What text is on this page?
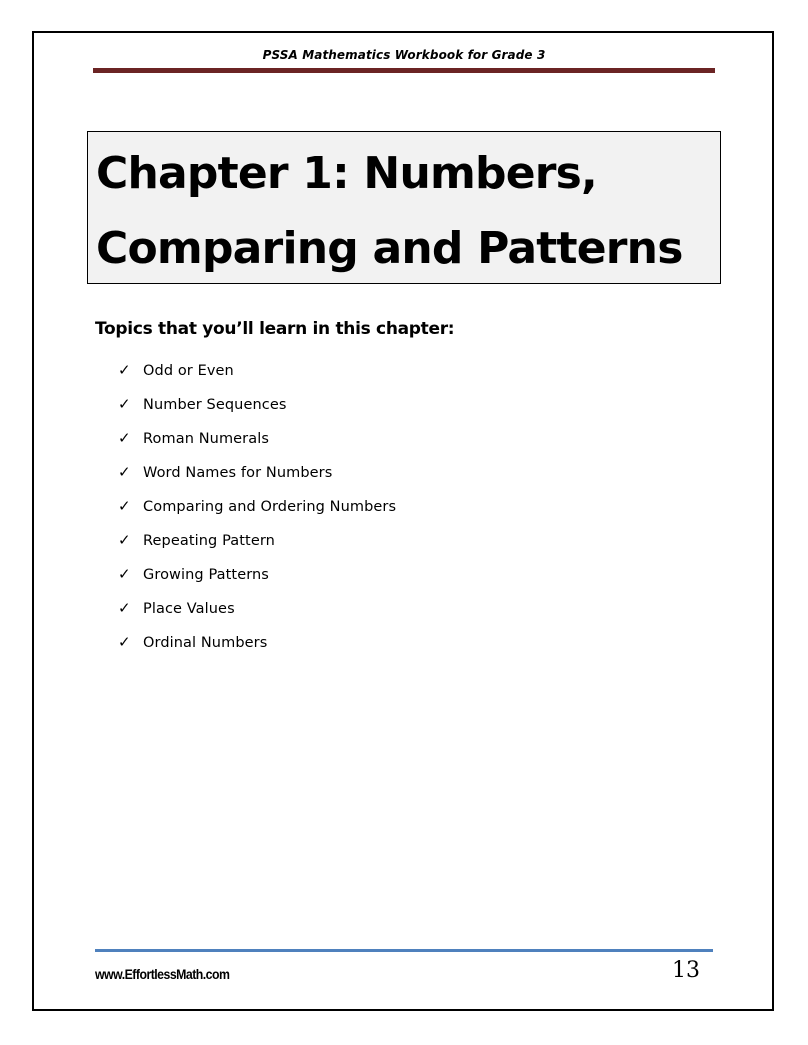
PSSA Mathematics Workbook for Grade 3
Chapter 1: Numbers,
Comparing and Patterns
Topics that you’ll learn in this chapter:
✓ Odd or Even
✓ Number Sequences
✓ Roman Numerals
✓ Word Names for Numbers
✓ Comparing and Ordering Numbers
✓ Repeating Pattern
✓ Growing Patterns
✓ Place Values
✓ Ordinal Numbers
www.EffortlessMath.com	13
